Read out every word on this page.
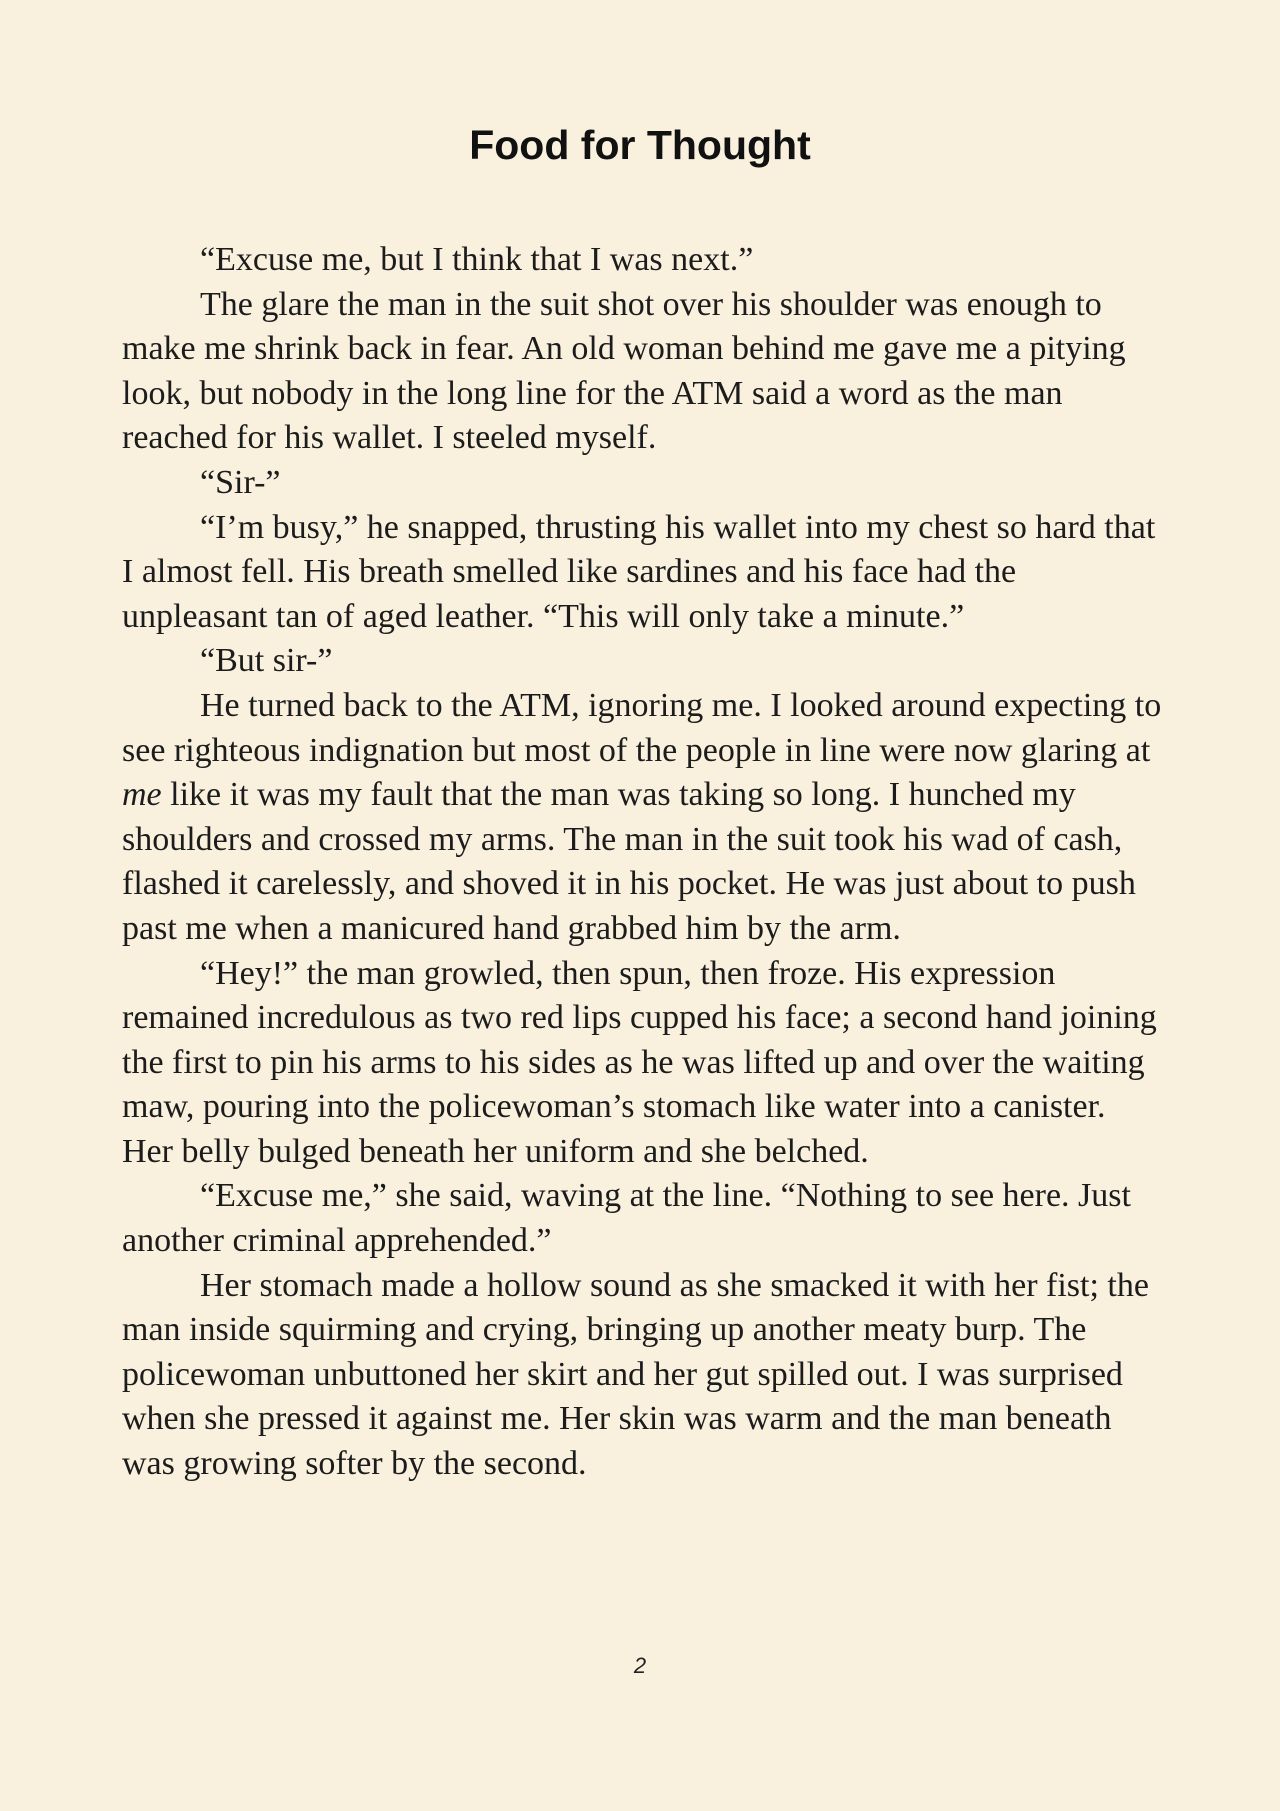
Food for Thought

“Excuse me, but I think that I was next.”

The glare the man in the suit shot over his shoulder was enough to make me shrink back in fear. An old woman behind me gave me a pitying look, but nobody in the long line for the ATM said a word as the man reached for his wallet. I steeled myself.

“Sir-”

“I’m busy,” he snapped, thrusting his wallet into my chest so hard that I almost fell. His breath smelled like sardines and his face had the unpleasant tan of aged leather. “This will only take a minute.”

“But sir-”

He turned back to the ATM, ignoring me. I looked around expecting to see righteous indignation but most of the people in line were now glaring at me like it was my fault that the man was taking so long. I hunched my shoulders and crossed my arms. The man in the suit took his wad of cash, flashed it carelessly, and shoved it in his pocket. He was just about to push past me when a manicured hand grabbed him by the arm.

“Hey!” the man growled, then spun, then froze. His expression remained incredulous as two red lips cupped his face; a second hand joining the first to pin his arms to his sides as he was lifted up and over the waiting maw, pouring into the policewoman’s stomach like water into a canister. Her belly bulged beneath her uniform and she belched.

“Excuse me,” she said, waving at the line. “Nothing to see here. Just another criminal apprehended.”

Her stomach made a hollow sound as she smacked it with her fist; the man inside squirming and crying, bringing up another meaty burp. The policewoman unbuttoned her skirt and her gut spilled out. I was surprised when she pressed it against me. Her skin was warm and the man beneath was growing softer by the second.

2
